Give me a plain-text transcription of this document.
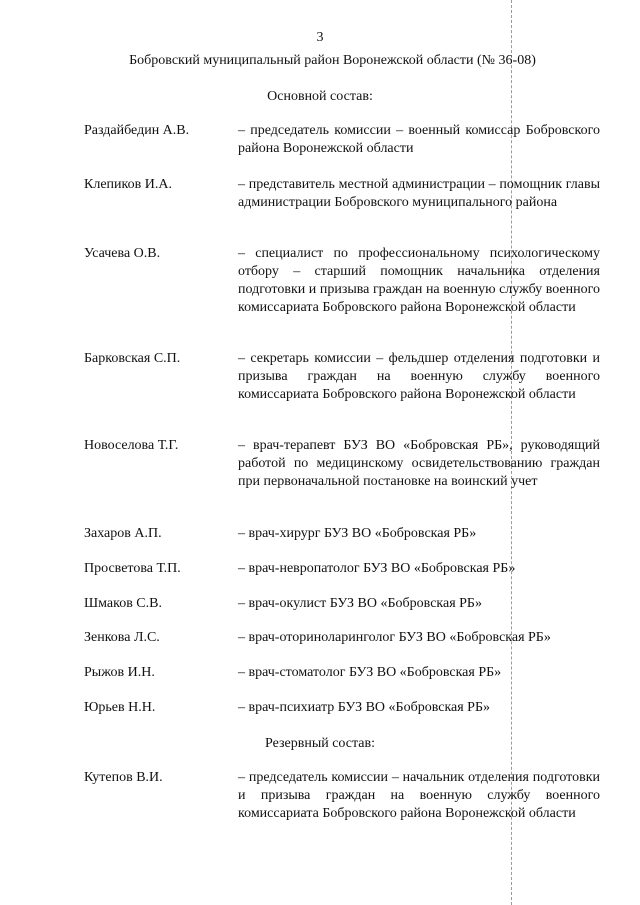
3
Бобровский муниципальный район Воронежской области (№ 36-08)
Основной состав:
Раздайбедин А.В.	– председатель комиссии – военный комиссар Бобровского района Воронежской области
Клепиков И.А.	– представитель местной администрации – помощник главы администрации Бобровского муниципального района
Усачева О.В.	– специалист по профессиональному психологическому отбору – старший помощник начальника отделения подготовки и призыва граждан на военную службу военного комиссариата Бобровского района Воронежской области
Барковская С.П.	– секретарь комиссии – фельдшер отделения подготовки и призыва граждан на военную службу военного комиссариата Бобровского района Воронежской области
Новоселова Т.Г.	– врач-терапевт БУЗ ВО «Бобровская РБ», руководящий работой по медицинскому освидетельствованию граждан при первоначальной постановке на воинский учет
Захаров А.П.	– врач-хирург БУЗ ВО «Бобровская РБ»
Просветова Т.П.	– врач-невропатолог БУЗ ВО «Бобровская РБ»
Шмаков С.В.	– врач-окулист БУЗ ВО «Бобровская РБ»
Зенкова Л.С.	– врач-оториноларинголог БУЗ ВО «Бобровская РБ»
Рыжов И.Н.	– врач-стоматолог БУЗ ВО «Бобровская РБ»
Юрьев Н.Н.	– врач-психиатр БУЗ ВО «Бобровская РБ»
Резервный состав:
Кутепов В.И.	– председатель комиссии – начальник отделения подготовки и призыва граждан на военную службу военного комиссариата Бобровского района Воронежской области
